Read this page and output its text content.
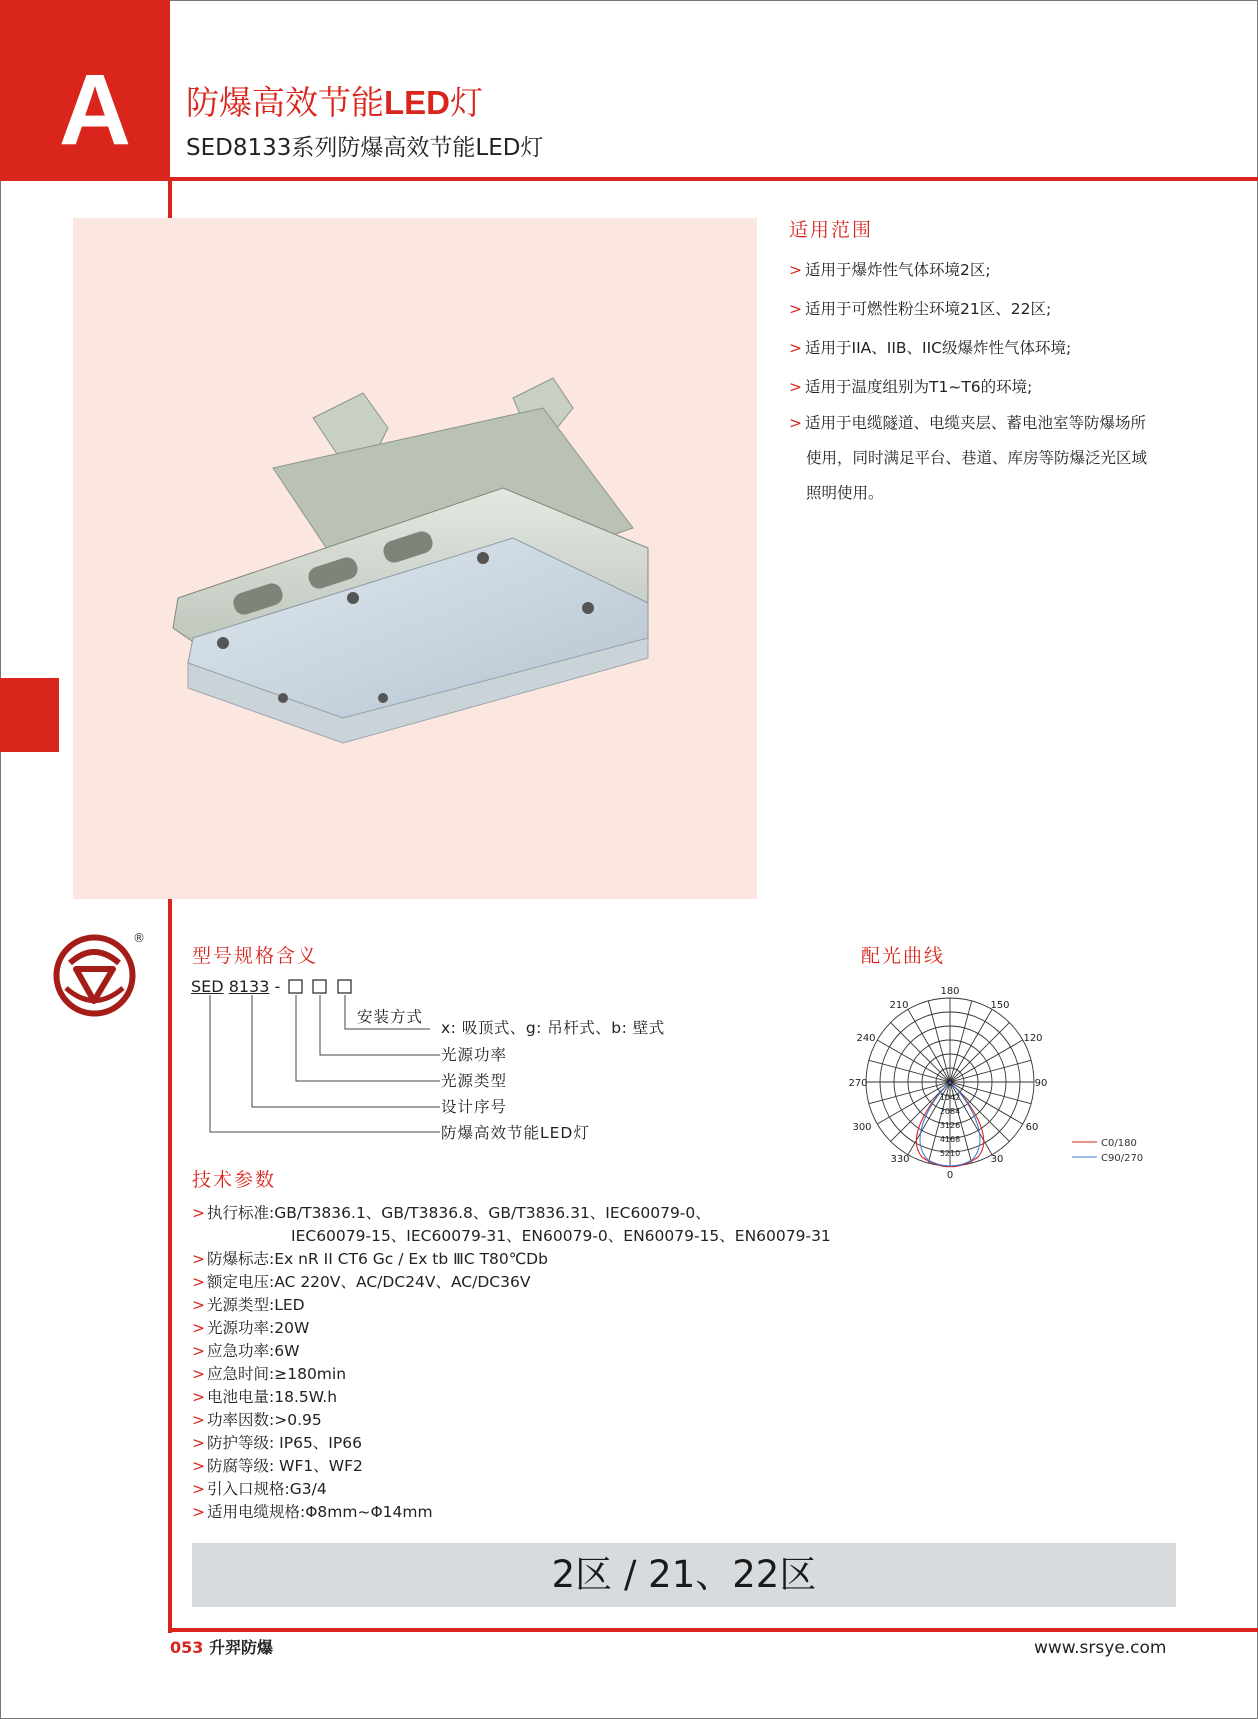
A	防爆高效节能LED灯
SED8133系列防爆高效节能LED灯
适用范围
> 适用于爆炸性气体环境2区;
> 适用于可燃性粉尘环境21区、22区;
> 适用于IIA、IIB、IIC级爆炸性气体环境;
> 适用于温度组别为T1~T6的环境;
> 适用于电缆隧道、电缆夹层、蓄电池室等防爆场所
使用，同时满足平台、巷道、库房等防爆泛光区域
照明使用。
®
型号规格含义
SED 8133 -
安装方式
x: 吸顶式、g: 吊杆式、b: 壁式
光源功率
光源类型
设计序号
防爆高效节能LED灯
配光曲线
180
150
120
90
60
30
0
330
300
270
240
210
0
1042
2084
3126
4168
5210
C0/180
C90/270
技术参数
> 执行标准:GB/T3836.1、GB/T3836.8、GB/T3836.31、IEC60079-0、
IEC60079-15、IEC60079-31、EN60079-0、EN60079-15、EN60079-31
> 防爆标志:Ex nR II CT6 Gc / Ex tb ⅢC T80℃Db
> 额定电压:AC 220V、AC/DC24V、AC/DC36V
> 光源类型:LED
> 光源功率:20W
> 应急功率:6W
> 应急时间:≥180min
> 电池电量:18.5W.h
> 功率因数:>0.95
> 防护等级: IP65、IP66
> 防腐等级: WF1、WF2
> 引入口规格:G3/4
> 适用电缆规格:Φ8mm~Φ14mm
2区 / 21、22区
053 升羿防爆	www.srsye.com
